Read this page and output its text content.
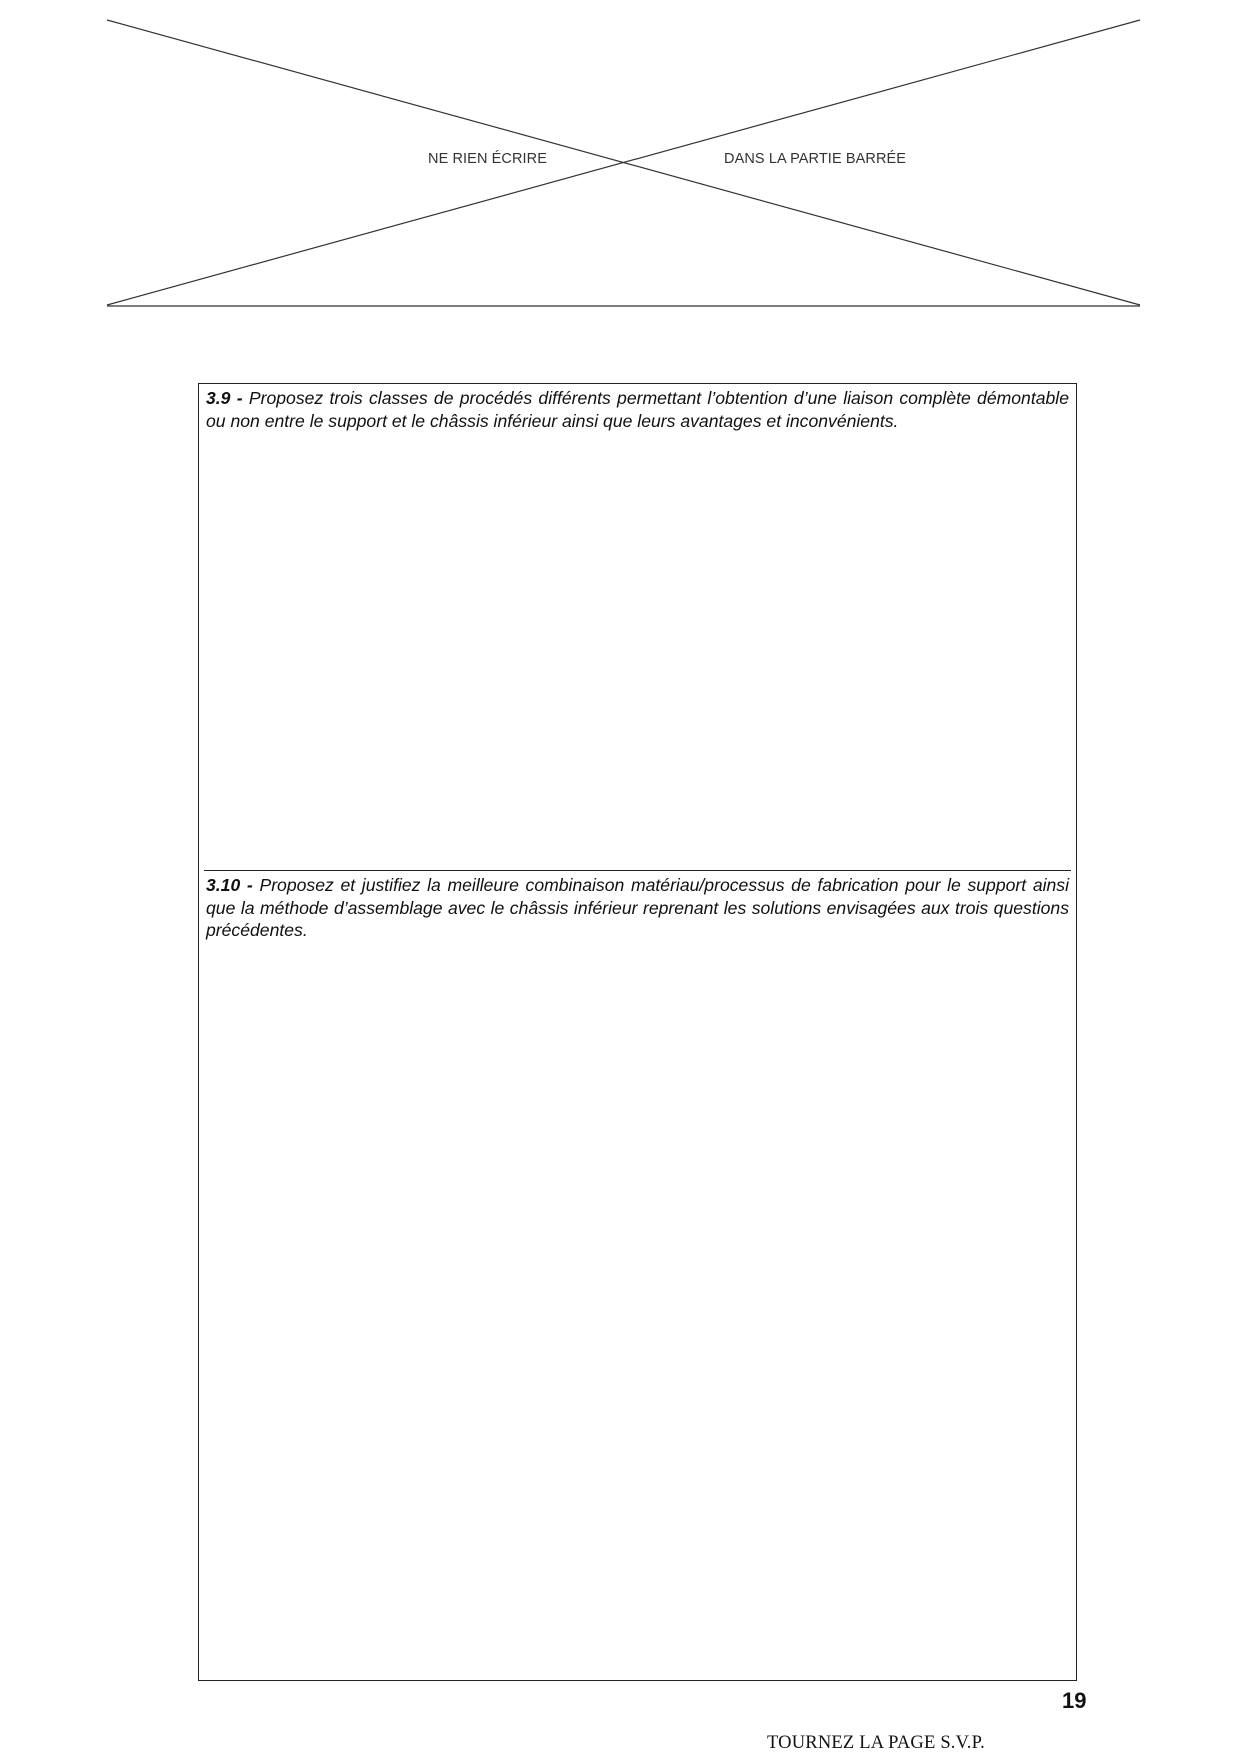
NE RIEN ÉCRIRE	DANS LA PARTIE BARRÉE
3.9 - Proposez trois classes de procédés différents permettant l’obtention d’une liaison complète démontable ou non entre le support et le châssis inférieur ainsi que leurs avantages et inconvénients.
3.10 - Proposez et justifiez la meilleure combinaison matériau/processus de fabrication pour le support ainsi que la méthode d’assemblage avec le châssis inférieur reprenant les solutions envisagées aux trois questions précédentes.
19
TOURNEZ LA PAGE S.V.P.
